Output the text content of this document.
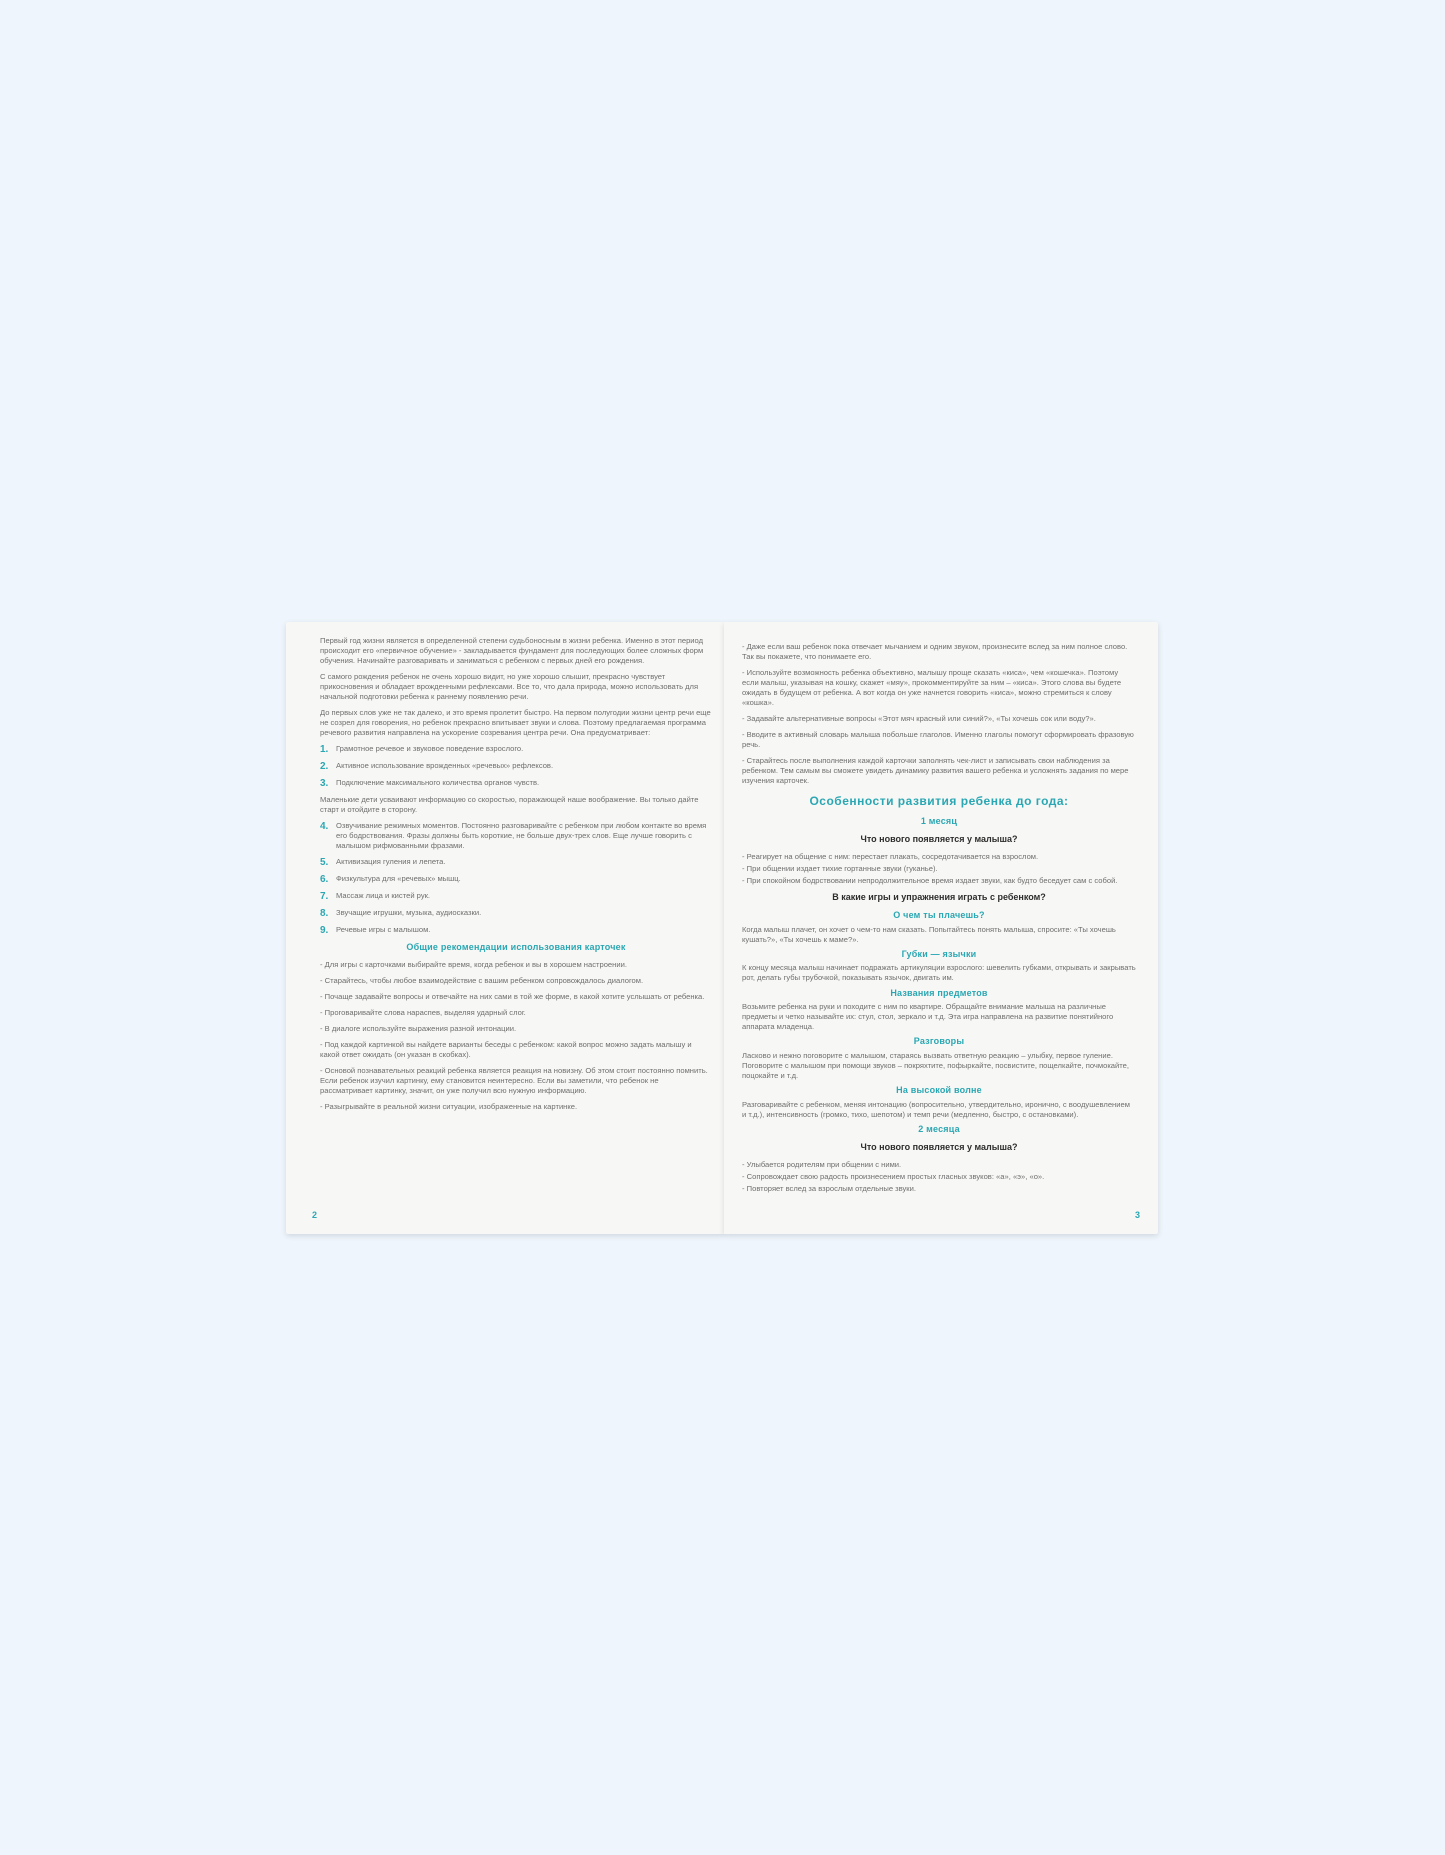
Первый год жизни является в определенной степени судьбоносным в жизни ребенка. Именно в этот период происходит его «первичное обучение» - закладывается фундамент для последующих более сложных форм обучения. Начинайте разговаривать и заниматься с ребенком с первых дней его рождения.

С самого рождения ребенок не очень хорошо видит, но уже хорошо слышит, прекрасно чувствует прикосновения и обладает врожденными рефлексами. Все то, что дала природа, можно использовать для начальной подготовки ребенка к раннему появлению речи.

До первых слов уже не так далеко, и это время пролетит быстро. На первом полугодии жизни центр речи еще не созрел для говорения, но ребенок прекрасно впитывает звуки и слова. Поэтому предлагаемая программа речевого развития направлена на ускорение созревания центра речи. Она предусматривает:

1.	Грамотное речевое и звуковое поведение взрослого.
2.	Активное использование врожденных «речевых» рефлексов.
3.	Подключение максимального количества органов чувств.

Маленькие дети усваивают информацию со скоростью, поражающей наше воображение. Вы только дайте старт и отойдите в сторону.

4.	Озвучивание режимных моментов. Постоянно разговаривайте с ребенком при любом контакте во время его бодрствования. Фразы должны быть короткие, не больше двух-трех слов. Еще лучше говорить с малышом рифмованными фразами.
5.	Активизация гуления и лепета.
6.	Физкультура для «речевых» мышц.
7.	Массаж лица и кистей рук.
8.	Звучащие игрушки, музыка, аудиосказки.
9.	Речевые игры с малышом.
Общие рекомендации использования карточек

- Для игры с карточками выбирайте время, когда ребенок и вы в хорошем настроении.

- Старайтесь, чтобы любое взаимодействие с вашим ребенком сопровождалось диалогом.

- Почаще задавайте вопросы и отвечайте на них сами в той же форме, в какой хотите услышать от ребенка.

- Проговаривайте слова нараспев, выделяя ударный слог.

- В диалоге используйте выражения разной интонации.

- Под каждой картинкой вы найдете варианты беседы с ребенком: какой вопрос можно задать малышу и какой ответ ожидать (он указан в скобках).

- Основой познавательных реакций ребенка является реакция на новизну. Об этом стоит постоянно помнить. Если ребенок изучил картинку, ему становится неинтересно. Если вы заметили, что ребенок не рассматривает картинку, значит, он уже получил всю нужную информацию.

- Разыгрывайте в реальной жизни ситуации, изображенные на картинке.

2

- Даже если ваш ребенок пока отвечает мычанием и одним звуком, произнесите вслед за ним полное слово. Так вы покажете, что понимаете его.

- Используйте возможность ребенка объективно, малышу проще сказать «киса», чем «кошечка». Поэтому если малыш, указывая на кошку, скажет «мяу», прокомментируйте за ним – «киса». Этого слова вы будете ожидать в будущем от ребенка. А вот когда он уже начнется говорить «киса», можно стремиться к слову «кошка».

- Задавайте альтернативные вопросы «Этот мяч красный или синий?», «Ты хочешь сок или воду?».

- Вводите в активный словарь малыша побольше глаголов. Именно глаголы помогут сформировать фразовую речь.

- Старайтесь после выполнения каждой карточки заполнять чек-лист и записывать свои наблюдения за ребенком. Тем самым вы сможете увидеть динамику развития вашего ребенка и усложнять задания по мере изучения карточек.

Особенности развития ребенка до года:
1 месяц
Что нового появляется у малыша?

- Реагирует на общение с ним: перестает плакать, сосредотачивается на взрослом.

- При общении издает тихие гортанные звуки (гуканье).

- При спокойном бодрствовании непродолжительное время издает звуки, как будто беседует сам с собой.

В какие игры и упражнения играть с ребенком?
О чем ты плачешь?

Когда малыш плачет, он хочет о чем-то нам сказать. Попытайтесь понять малыша, спросите: «Ты хочешь кушать?», «Ты хочешь к маме?».

Губки — язычки

К концу месяца малыш начинает подражать артикуляции взрослого: шевелить губками, открывать и закрывать рот, делать губы трубочкой, показывать язычок, двигать им.

Названия предметов

Возьмите ребенка на руки и походите с ним по квартире. Обращайте внимание малыша на различные предметы и четко называйте их: стул, стол, зеркало и т.д. Эта игра направлена на развитие понятийного аппарата младенца.

Разговоры

Ласково и нежно поговорите с малышом, стараясь вызвать ответную реакцию – улыбку, первое гуление. Поговорите с малышом при помощи звуков – покряхтите, пофыркайте, посвистите, пощелкайте, почмокайте, поцокайте и т.д.

На высокой волне

Разговаривайте с ребенком, меняя интонацию (вопросительно, утвердительно, иронично, с воодушевлением и т.д.), интенсивность (громко, тихо, шепотом) и темп речи (медленно, быстро, с остановками).

2 месяца
Что нового появляется у малыша?

- Улыбается родителям при общении с ними.

- Сопровождает свою радость произнесением простых гласных звуков: «а», «э», «о».

- Повторяет вслед за взрослым отдельные звуки.

3
